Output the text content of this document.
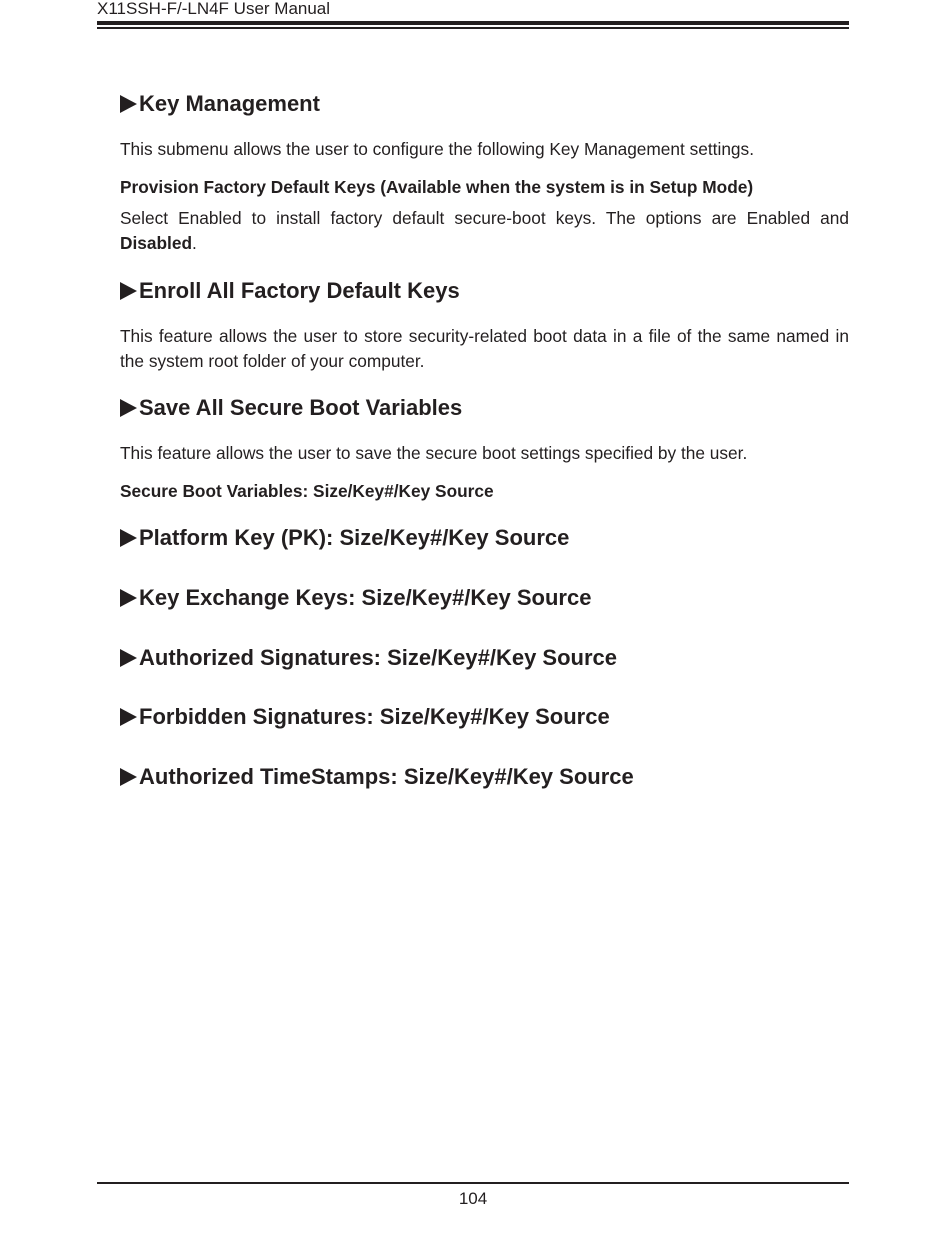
X11SSH-F/-LN4F User Manual
Key Management
This submenu allows the user to configure the following Key Management settings.
Provision Factory Default Keys (Available when the system is in Setup Mode)
Select Enabled to install factory default secure-boot keys. The options are Enabled and Disabled.
Enroll All Factory Default Keys
This feature allows the user to store security-related boot data in a file of the same named in the system root folder of your computer.
Save All Secure Boot Variables
This feature allows the user to save the secure boot settings specified by the user.
Secure Boot Variables: Size/Key#/Key Source
Platform Key (PK): Size/Key#/Key Source
Key Exchange Keys: Size/Key#/Key Source
Authorized Signatures: Size/Key#/Key Source
Forbidden Signatures: Size/Key#/Key Source
Authorized TimeStamps: Size/Key#/Key Source
104
